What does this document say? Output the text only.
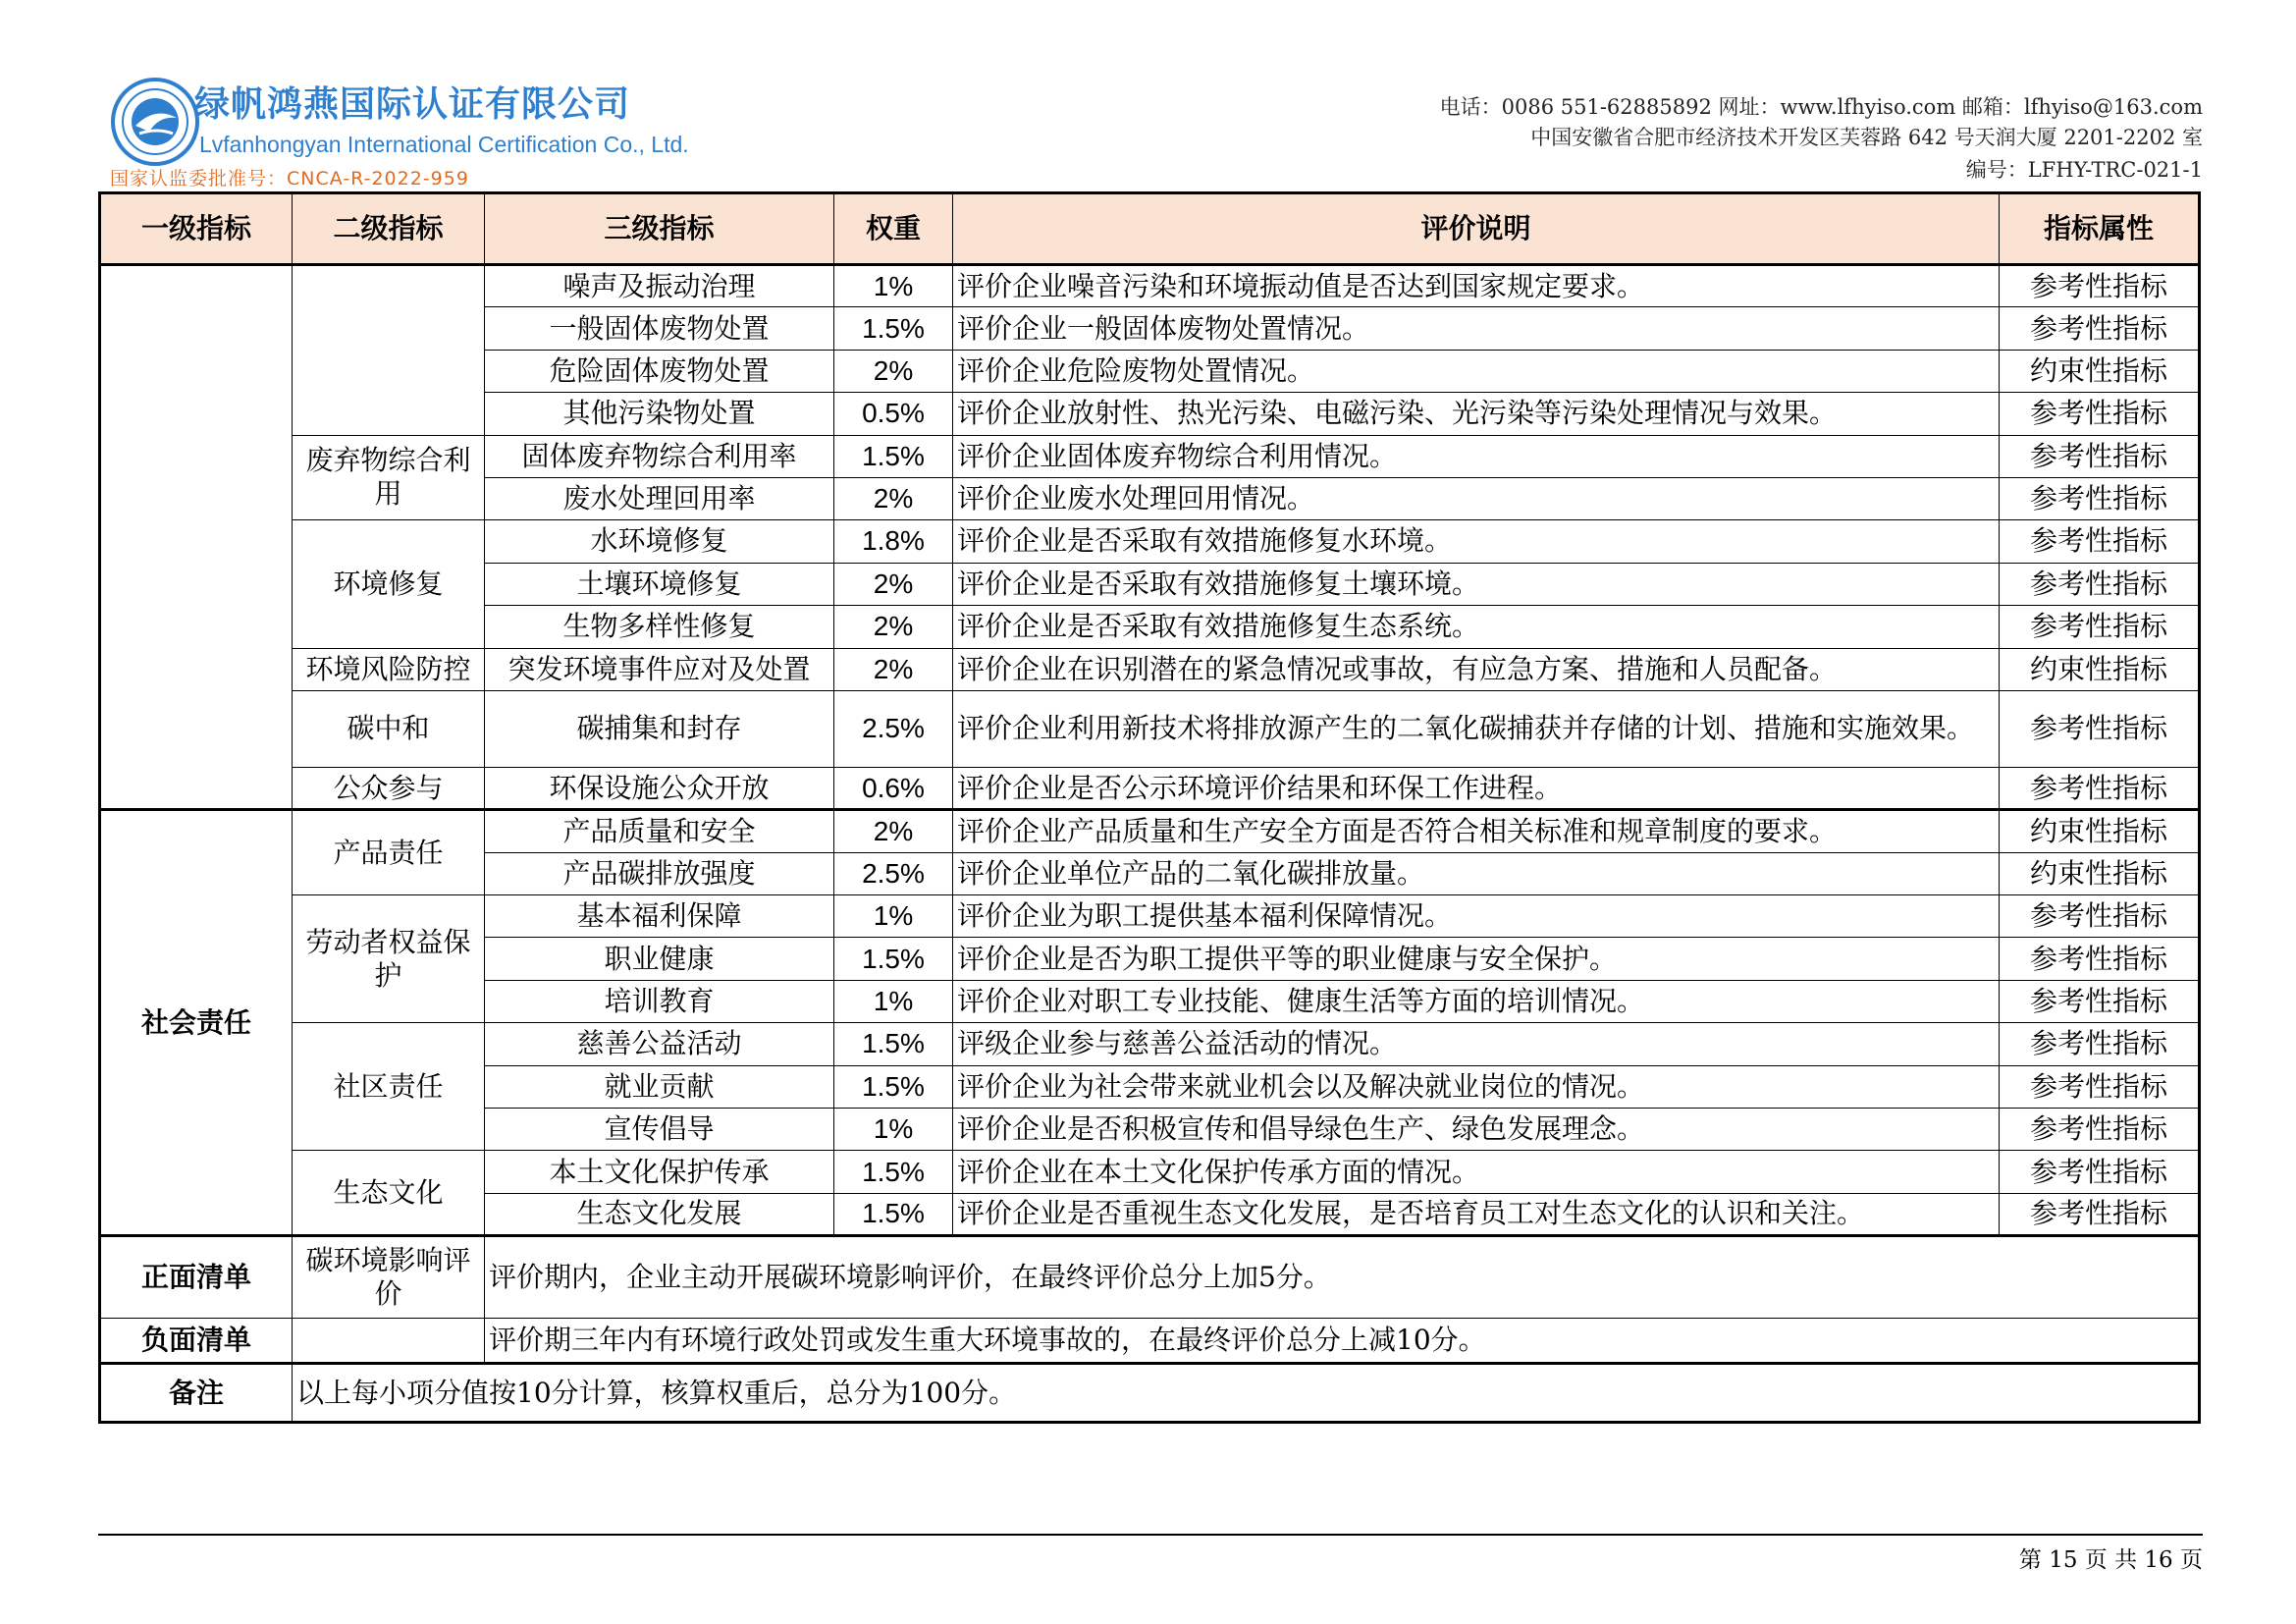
绿帆鸿燕国际认证有限公司
Lvfanhongyan International Certification Co., Ltd.
国家认监委批准号：CNCA-R-2022-959
电话：0086 551-62885892 网址：www.lfhyiso.com 邮箱：lfhyiso@163.com
中国安徽省合肥市经济技术开发区芙蓉路 642 号天润大厦 2201-2202 室
编号：LFHY-TRC-021-1
一级指标	二级指标	三级指标	权重	评价说明	指标属性
		噪声及振动治理	1%	评价企业噪音污染和环境振动值是否达到国家规定要求。	参考性指标
		一般固体废物处置	1.5%	评价企业一般固体废物处置情况。	参考性指标
		危险固体废物处置	2%	评价企业危险废物处置情况。	约束性指标
		其他污染物处置	0.5%	评价企业放射性、热光污染、电磁污染、光污染等污染处理情况与效果。	参考性指标
	废弃物综合利用	固体废弃物综合利用率	1.5%	评价企业固体废弃物综合利用情况。	参考性指标
		废水处理回用率	2%	评价企业废水处理回用情况。	参考性指标
	环境修复	水环境修复	1.8%	评价企业是否采取有效措施修复水环境。	参考性指标
		土壤环境修复	2%	评价企业是否采取有效措施修复土壤环境。	参考性指标
		生物多样性修复	2%	评价企业是否采取有效措施修复生态系统。	参考性指标
	环境风险防控	突发环境事件应对及处置	2%	评价企业在识别潜在的紧急情况或事故，有应急方案、措施和人员配备。	约束性指标
	碳中和	碳捕集和封存	2.5%	评价企业利用新技术将排放源产生的二氧化碳捕获并存储的计划、措施和实施效果。	参考性指标
	公众参与	环保设施公众开放	0.6%	评价企业是否公示环境评价结果和环保工作进程。	参考性指标
社会责任	产品责任	产品质量和安全	2%	评价企业产品质量和生产安全方面是否符合相关标准和规章制度的要求。	约束性指标
		产品碳排放强度	2.5%	评价企业单位产品的二氧化碳排放量。	约束性指标
	劳动者权益保护	基本福利保障	1%	评价企业为职工提供基本福利保障情况。	参考性指标
		职业健康	1.5%	评价企业是否为职工提供平等的职业健康与安全保护。	参考性指标
		培训教育	1%	评价企业对职工专业技能、健康生活等方面的培训情况。	参考性指标
	社区责任	慈善公益活动	1.5%	评级企业参与慈善公益活动的情况。	参考性指标
		就业贡献	1.5%	评价企业为社会带来就业机会以及解决就业岗位的情况。	参考性指标
		宣传倡导	1%	评价企业是否积极宣传和倡导绿色生产、绿色发展理念。	参考性指标
	生态文化	本土文化保护传承	1.5%	评价企业在本土文化保护传承方面的情况。	参考性指标
		生态文化发展	1.5%	评价企业是否重视生态文化发展，是否培育员工对生态文化的认识和关注。	参考性指标
正面清单	碳环境影响评价	评价期内，企业主动开展碳环境影响评价，在最终评价总分上加5分。			
负面清单		评价期三年内有环境行政处罚或发生重大环境事故的，在最终评价总分上减10分。			
备注	以上每小项分值按10分计算，核算权重后，总分为100分。				
第 15 页 共 16 页
